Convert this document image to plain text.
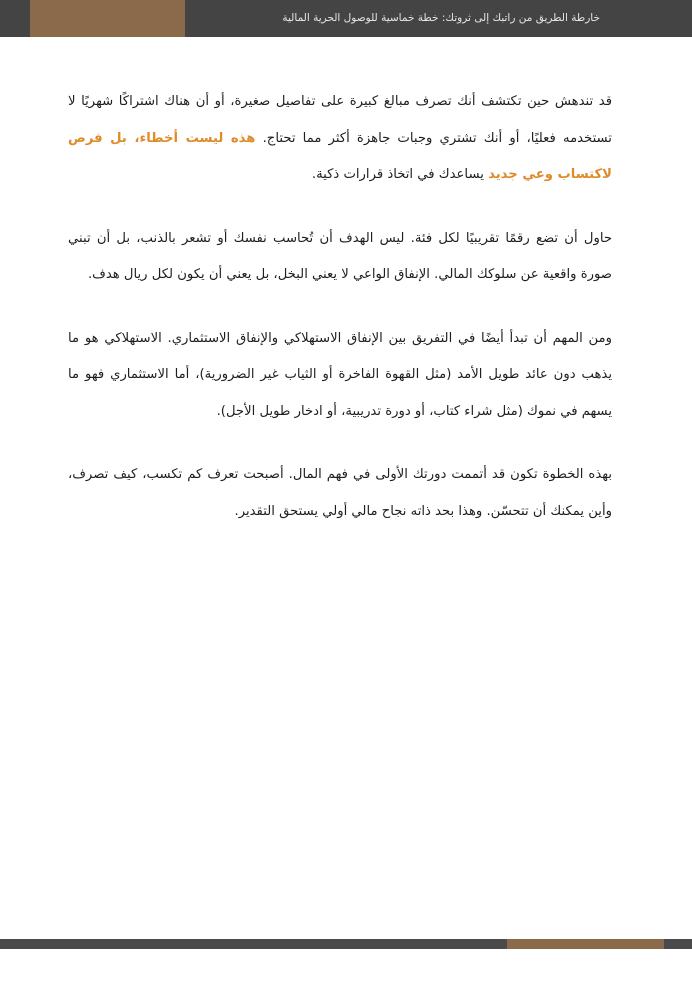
خارطة الطريق من راتبك إلى ثروتك: خطة خماسية للوصول الحرية المالية

قد تندهش حين تكتشف أنك تصرف مبالغ كبيرة على تفاصيل صغيرة، أو أن هناك اشتراكًا شهريًا لا تستخدمه فعليًا، أو أنك تشتري وجبات جاهزة أكثر مما تحتاج. هذه ليست أخطاء، بل فرص لاكتساب وعي جديد يساعدك في اتخاذ قرارات ذكية.

حاول أن تضع رقمًا تقريبيًا لكل فئة. ليس الهدف أن تُحاسب نفسك أو تشعر بالذنب، بل أن تبني صورة واقعية عن سلوكك المالي. الإنفاق الواعي لا يعني البخل، بل يعني أن يكون لكل ريال هدف.

ومن المهم أن تبدأ أيضًا في التفريق بين الإنفاق الاستهلاكي والإنفاق الاستثماري. الاستهلاكي هو ما يذهب دون عائد طويل الأمد (مثل القهوة الفاخرة أو الثياب غير الضرورية)، أما الاستثماري فهو ما يسهم في نموك (مثل شراء كتاب، أو دورة تدريبية، أو ادخار طويل الأجل).

بهذه الخطوة تكون قد أتممت دورتك الأولى في فهم المال. أصبحت تعرف كم تكسب، كيف تصرف، وأين يمكنك أن تتحسّن. وهذا بحد ذاته نجاح مالي أولي يستحق التقدير.
